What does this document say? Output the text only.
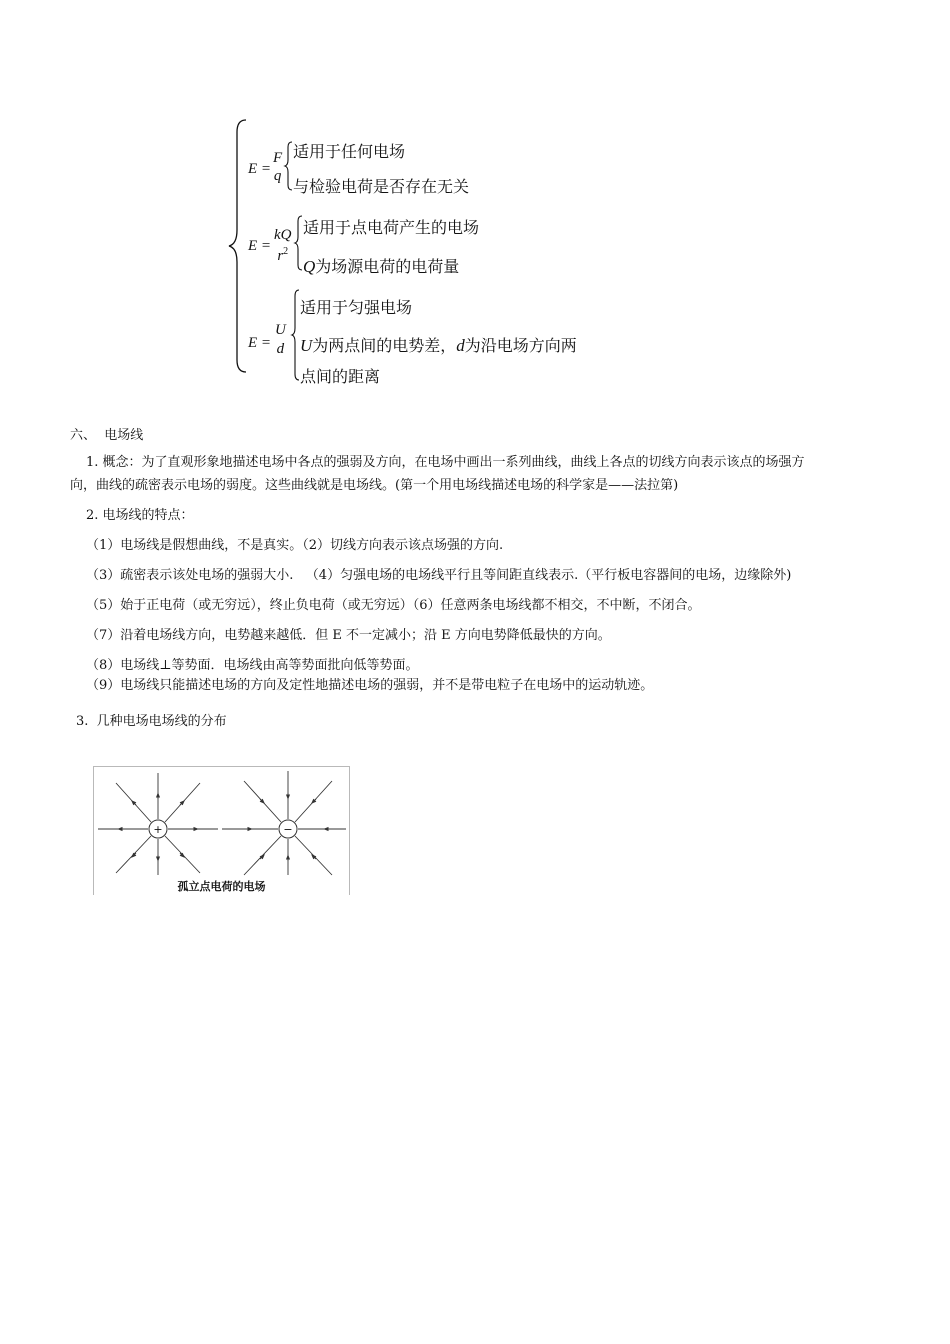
E =
F
q
适用于任何电场
与检验电荷是否存在无关
E =
kQ
$r^2$
适用于点电荷产生的电场
Q为场源电荷的电荷量
E =
U
d
适用于匀强电场
U为两点间的电势差，d为沿电场方向两
点间的距离
六、  电场线
1. 概念：为了直观形象地描述电场中各点的强弱及方向，在电场中画出一系列曲线，曲线上各点的切线方向表示该点的场强方
向，曲线的疏密表示电场的弱度。这些曲线就是电场线。(第一个用电场线描述电场的科学家是——法拉第)
2. 电场线的特点：
（1）电场线是假想曲线，不是真实。（2）切线方向表示该点场强的方向.
（3）疏密表示该处电场的强弱大小.   （4）匀强电场的电场线平行且等间距直线表示.（平行板电容器间的电场，边缘除外)
（5）始于正电荷（或无穷远），终止负电荷（或无穷远）（6）任意两条电场线都不相交，不中断，不闭合。
（7）沿着电场线方向，电势越来越低．但 E 不一定减小；沿 E 方向电势降低最快的方向。
（8）电场线⊥等势面．电场线由高等势面批向低等势面。
（9）电场线只能描述电场的方向及定性地描述电场的强弱，并不是带电粒子在电场中的运动轨迹。
3.  几种电场电场线的分布
+	−
孤立点电荷的电场
